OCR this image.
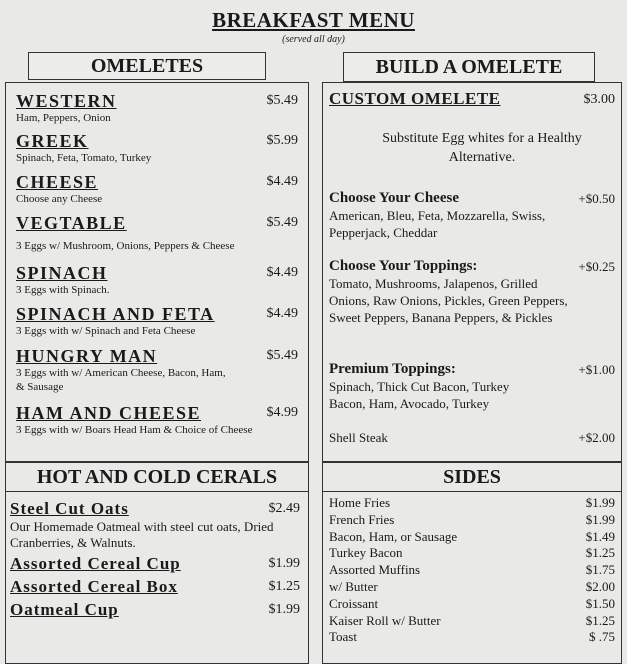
BREAKFAST MENU
(served all day)
OMELETES
WESTERN	$5.49
Ham, Peppers, Onion
GREEK	$5.99
Spinach, Feta, Tomato, Turkey
CHEESE	$4.49
Choose any Cheese
VEGTABLE	$5.49
3 Eggs w/ Mushroom, Onions, Peppers & Cheese
SPINACH	$4.49
3 Eggs with Spinach.
SPINACH AND FETA	$4.49
3 Eggs with w/ Spinach and Feta Cheese
HUNGRY MAN	$5.49
3 Eggs with w/ American Cheese, Bacon, Ham, & Sausage
HAM AND CHEESE	$4.99
3 Eggs with w/ Boars Head Ham & Choice of Cheese
BUILD A OMELETE
CUSTOM OMELETE	$3.00
Substitute Egg whites for a Healthy Alternative.
Choose Your Cheese	+$0.50
American, Bleu, Feta, Mozzarella, Swiss, Pepperjack, Cheddar
Choose Your Toppings:	+$0.25
Tomato, Mushrooms, Jalapenos, Grilled Onions, Raw Onions, Pickles, Green Peppers, Sweet Peppers, Banana Peppers, & Pickles
Premium Toppings:	+$1.00
Spinach, Thick Cut Bacon, Turkey Bacon, Ham, Avocado, Turkey
Shell Steak	+$2.00
HOT AND COLD CERALS
Steel Cut Oats	$2.49
Our Homemade Oatmeal with steel cut oats, Dried Cranberries, & Walnuts.
Assorted Cereal Cup	$1.99
Assorted Cereal Box	$1.25
Oatmeal Cup	$1.99
SIDES
Home Fries	$1.99
French Fries	$1.99
Bacon, Ham, or Sausage	$1.49
Turkey Bacon	$1.25
Assorted Muffins	$1.75
w/ Butter	$2.00
Croissant	$1.50
Kaiser Roll w/ Butter	$1.25
Toast	$ .75
